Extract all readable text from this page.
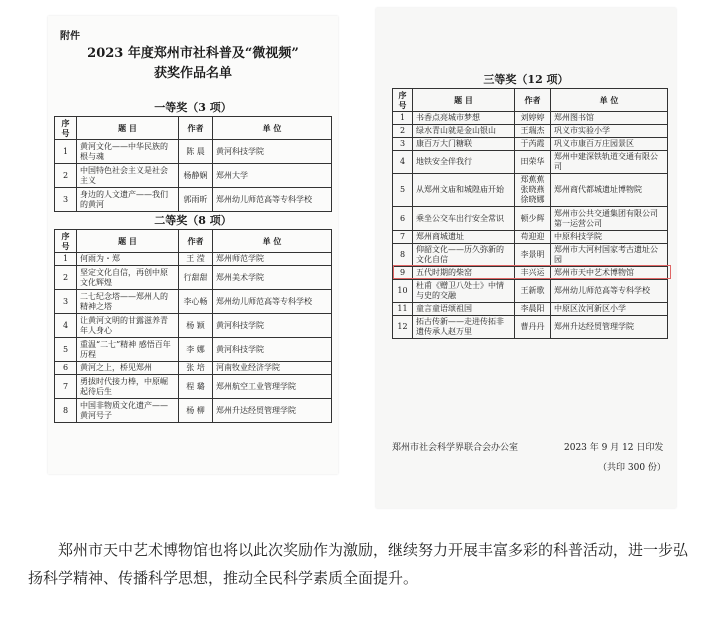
附件
2023 年度郑州市社科普及“微视频”
获奖作品名单
一等奖（3 项）
序号	题 目	作者	单 位
1	黄河文化——中华民族的根与魂	陈 晨	黄河科技学院
2	中国特色社会主义是社会主义	杨静娴	郑州大学
3	身边的人文遗产——我们的黄河	郭雨昕	郑州幼儿师范高等专科学校
二等奖（8 项）
序号	题 目	作者	单 位
1	何雨为・郑	王 滢	郑州师范学院
2	坚定文化自信，再创中原文化辉煌	行甜甜	郑州美术学院
3	二七纪念塔——郑州人的精神之塔	李心畅	郑州幼儿师范高等专科学校
4	让黄河文明的甘露滋养青年人身心	杨 颖	黄河科技学院
5	重温“二七”精神 感悟百年历程	李 娜	黄河科技学院
6	黄河之上，桥见郑州	张 培	河南牧业经济学院
7	勇拔时代接力棒，中原崛起待后生	程 璐	郑州航空工业管理学院
8	中国非物质文化遗产——黄河号子	杨 柳	郑州升达经贸管理学院
三等奖（12 项）
序号	题 目	作者	单 位
1	书香点亮城市梦想	刘婷婷	郑州图书馆
2	绿水青山就是金山银山	王瑞杰	巩义市实验小学
3	康百万大门糖联	于芮霞	巩义市康百万庄园景区
4	地铁安全伴我行	田荣华	郑州中建深铁轨道交通有限公司
5	从郑州文庙和城隍庙开始	郑蕉蕉 张晓燕 徐晓娜	郑州商代都城遗址博物院
6	乘坐公交车出行安全常识	顿少辉	郑州市公共交通集团有限公司第一运营公司
7	郑州商城遗址	苟迎迎	中原科技学院
8	仰韶文化——历久弥新的文化自信	李景明	郑州市大河村国家考古遗址公园
9	五代时期的柴窑	丰兴运	郑州市天中艺术博物馆
10	杜甫《赠卫八处士》中情与史的交融	王新歌	郑州幼儿师范高等专科学校
11	童言童语颂祖国	李晨阳	中原区汝河新区小学
12	拓古传新——走进传拓非遗传承人赵万里	曹丹丹	郑州升达经贸管理学院
郑州市社会科学界联合会办公室	2023 年 9 月 12 日印发
（共印 300 份）

郑州市天中艺术博物馆也将以此次奖励作为激励，继续努力开展丰富多彩的科普活动，进一步弘扬科学精神、传播科学思想，推动全民科学素质全面提升。
